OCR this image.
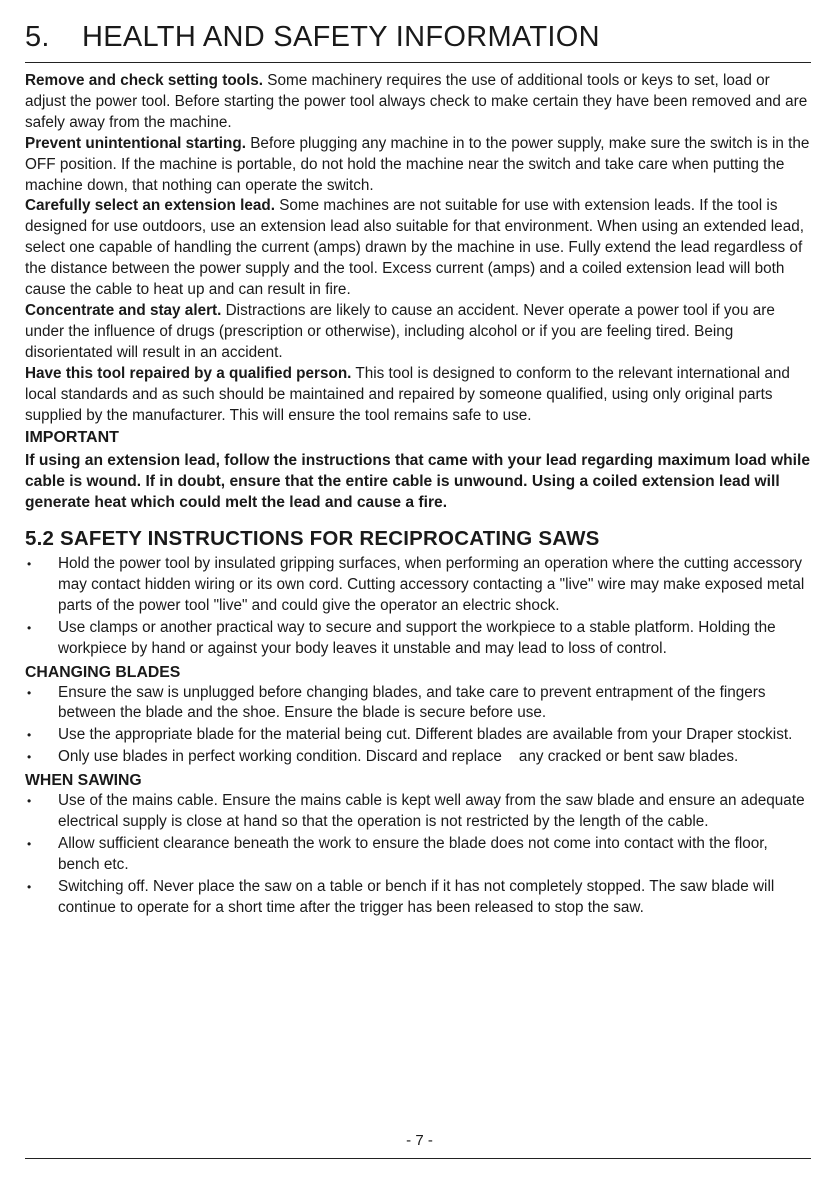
5. HEALTH AND SAFETY INFORMATION

Remove and check setting tools. Some machinery requires the use of additional tools or keys to set, load or adjust the power tool. Before starting the power tool always check to make certain they have been removed and are safely away from the machine.

Prevent unintentional starting. Before plugging any machine in to the power supply, make sure the switch is in the OFF position. If the machine is portable, do not hold the machine near the switch and take care when putting the machine down, that nothing can operate the switch.

Carefully select an extension lead. Some machines are not suitable for use with extension leads. If the tool is designed for use outdoors, use an extension lead also suitable for that environment. When using an extended lead, select one capable of handling the current (amps) drawn by the machine in use. Fully extend the lead regardless of the distance between the power supply and the tool. Excess current (amps) and a coiled extension lead will both cause the cable to heat up and can result in fire.

Concentrate and stay alert. Distractions are likely to cause an accident. Never operate a power tool if you are under the influence of drugs (prescription or otherwise), including alcohol or if you are feeling tired. Being disorientated will result in an accident.

Have this tool repaired by a qualified person. This tool is designed to conform to the relevant international and local standards and as such should be maintained and repaired by someone qualified, using only original parts supplied by the manufacturer. This will ensure the tool remains safe to use.

IMPORTANT

If using an extension lead, follow the instructions that came with your lead regarding maximum load while cable is wound. If in doubt, ensure that the entire cable is unwound. Using a coiled extension lead will generate heat which could melt the lead and cause a fire.

5.2 SAFETY INSTRUCTIONS FOR RECIPROCATING SAWS
• Hold the power tool by insulated gripping surfaces, when performing an operation where the cutting accessory may contact hidden wiring or its own cord. Cutting accessory contacting a "live" wire may make exposed metal parts of the power tool "live" and could give the operator an electric shock.
• Use clamps or another practical way to secure and support the workpiece to a stable platform. Holding the workpiece by hand or against your body leaves it unstable and may lead to loss of control.

CHANGING BLADES

• Ensure the saw is unplugged before changing blades, and take care to prevent entrapment of the fingers between the blade and the shoe. Ensure the blade is secure before use.
• Use the appropriate blade for the material being cut. Different blades are available from your Draper stockist.
• Only use blades in perfect working condition. Discard and replace    any cracked or bent saw blades.

WHEN SAWING

• Use of the mains cable. Ensure the mains cable is kept well away from the saw blade and ensure an adequate electrical supply is close at hand so that the operation is not restricted by the length of the cable.
• Allow sufficient clearance beneath the work to ensure the blade does not come into contact with the floor, bench etc.
• Switching off. Never place the saw on a table or bench if it has not completely stopped. The saw blade will continue to operate for a short time after the trigger has been released to stop the saw.
- 7 -
